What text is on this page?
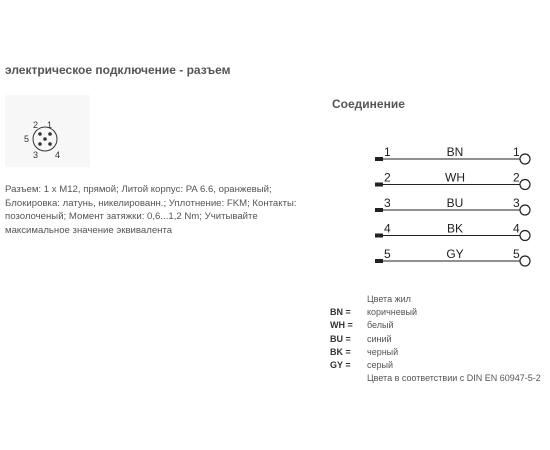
электрическое подключение - разъем
1
2
5
3 4
Разъем: 1 x M12, прямой; Литой корпус: PA 6.6, оранжевый; Блокировка: латунь, никелированн.; Уплотнение: FKM; Контакты: позолоченый; Момент затяжки: 0,6...1,2 Nm; Учитывайте максимальное значение эквивалента
Соединение
1	BN	1
2	WH	2
3	BU	3
4	BK	4
5	GY	5
Цвета жил
BN =	коричневый
WH =	белый
BU =	синий
BK =	черный
GY =	серый
Цвета в соответствии с DIN EN 60947-5-2
